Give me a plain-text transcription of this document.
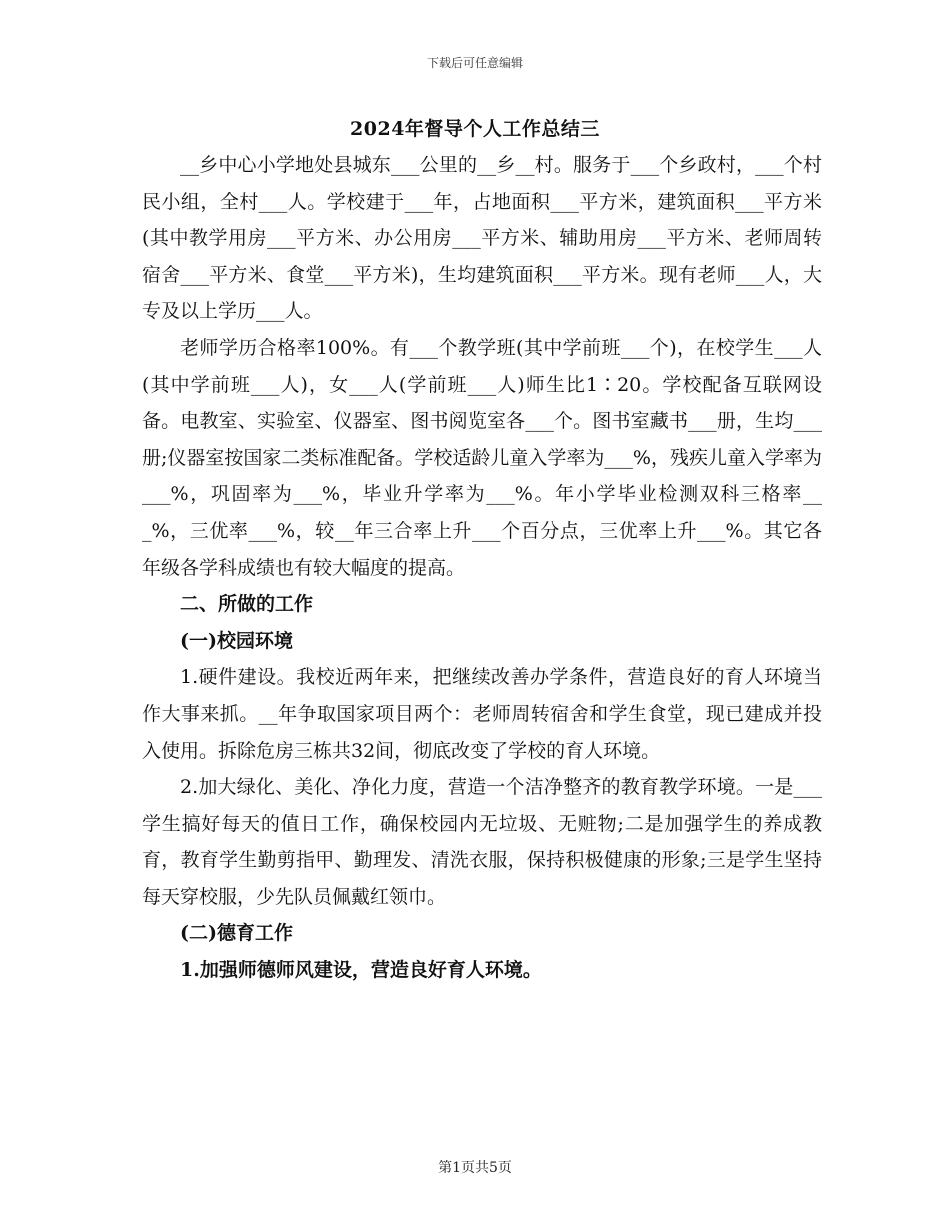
下载后可任意编辑
2024年督导个人工作总结三

__乡中心小学地处县城东___公里的__乡__村。服务于___个乡政村，___个村民小组，全村___人。学校建于___年，占地面积___平方米，建筑面积___平方米(其中教学用房___平方米、办公用房___平方米、辅助用房___平方米、老师周转宿舍___平方米、食堂___平方米)，生均建筑面积___平方米。现有老师___人，大专及以上学历___人。

老师学历合格率100%。有___个教学班(其中学前班___个)，在校学生___人(其中学前班___人)，女___人(学前班___人)师生比1∶20。学校配备互联网设备。电教室、实验室、仪器室、图书阅览室各___个。图书室藏书___册，生均___册;仪器室按国家二类标准配备。学校适龄儿童入学率为___%，残疾儿童入学率为___%，巩固率为___%，毕业升学率为___%。年小学毕业检测双科三格率___%，三优率___%，较__年三合率上升___个百分点，三优率上升___%。其它各年级各学科成绩也有较大幅度的提高。

二、所做的工作

(一)校园环境

1.硬件建设。我校近两年来，把继续改善办学条件，营造良好的育人环境当作大事来抓。__年争取国家项目两个：老师周转宿舍和学生食堂，现已建成并投入使用。拆除危房三栋共32间，彻底改变了学校的育人环境。

2.加大绿化、美化、净化力度，营造一个洁净整齐的教育教学环境。一是___学生搞好每天的值日工作，确保校园内无垃圾、无赃物;二是加强学生的养成教育，教育学生勤剪指甲、勤理发、清洗衣服，保持积极健康的形象;三是学生坚持每天穿校服，少先队员佩戴红领巾。

(二)德育工作

1.加强师德师风建设，营造良好育人环境。

第1页共5页
